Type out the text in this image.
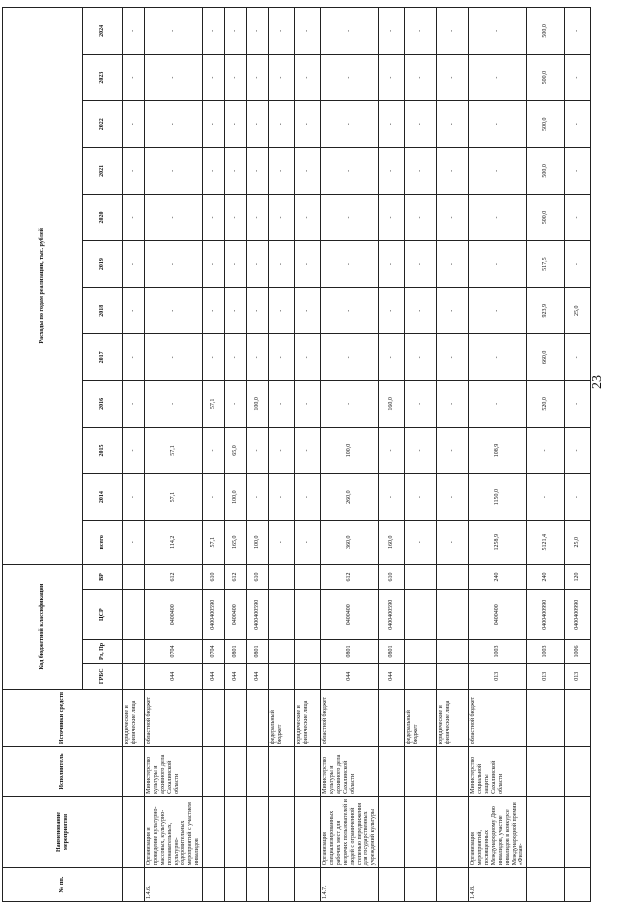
№ пп.	Наименование мероприятия	Исполнитель	Источники средств	Код бюджетной классификации				Расходы по годам реализации, тыс. рублей											
				ГРБС	Рз, Пр	ЦСР	ВР	всего	2014	2015	2016	2017	2018	2019	2020	2021	2022	2023	2024
			юридические и физические лица					-	-	-	-	-	-	-	-	-	-	-	-
1.4.6.	Организация и проведение культурно-массовых, культурно-познавательных, культурно-оздоровительных мероприятий с участием инвалидов	Министерство культуры и архивного дела Сахалинской области	областной бюджет	044	0704	0400400	612	114,2	57,1	57,1	-	-	-	-	-	-	-	-	-
				044	0704	0400400590	610	57,1	-	-	57,1	-	-	-	-	-	-	-	-
				044	0801	0400400	612	165,0	100,0	65,0	-	-	-	-	-	-	-	-	-
				044	0801	0400400590	610	100,0	-	-	100,0	-	-	-	-	-	-	-	-
			федеральный бюджет					-	-	-	-	-	-	-	-	-	-	-	-
			юридические и физические лица					-	-	-	-	-	-	-	-	-	-	-	-
1.4.7.	Организация специализированных рабочих мест для незрячих пользователей и людей с ограниченной степенью передвижения для государственных учреждений культуры	Министерство культуры и архивного дела Сахалинской области	областной бюджет	044	0801	0400400	612	360,0	260,0	100,0	-	-	-	-	-	-	-	-	-
				044	0801	0400400590	610	160,0	-	-	160,0	-	-	-	-	-	-	-	-
			федеральный бюджет					-	-	-	-	-	-	-	-	-	-	-	-
			юридические и физические лица					-	-	-	-	-	-	-	-	-	-	-	-
1.4.8.	Организация мероприятий, посвященных Международному Дню инвалидов, участие инвалидов в конкурсе Международной премии «Филан-	Министерство социальной защиты Сахалинской области	областной бюджет	013	1003	0400400	240	1258,9	1150,0	108,9	-	-	-	-	-	-	-	-	-
				013	1003	0400400990	240	5121,4	-	-	520,0	660,0	923,9	517,5	500,0	500,0	500,0	500,0	500,0
				013	1006	0400400990	120	25,0	-	-	-	-	25,0	-	-	-	-	-	-
23
